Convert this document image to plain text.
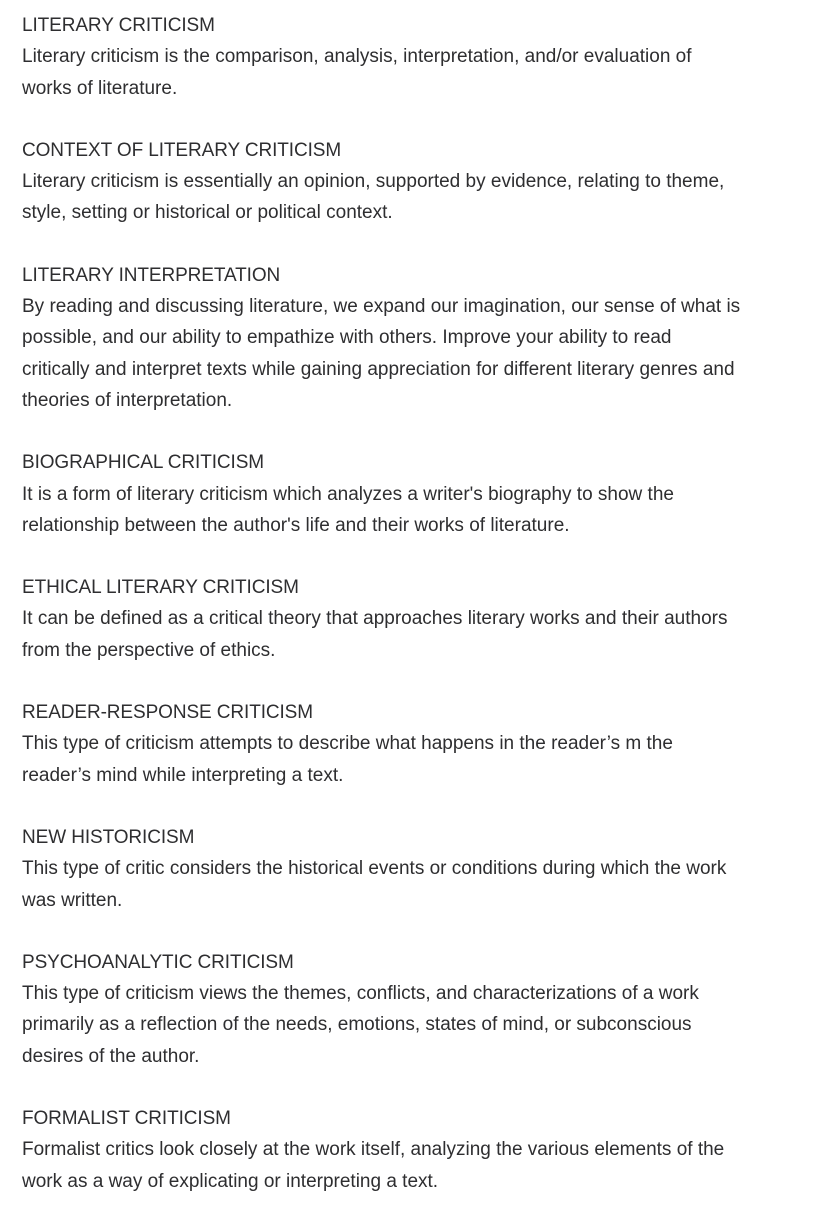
LITERARY CRITICISM

Literary criticism is the comparison, analysis, interpretation, and/or evaluation of
works of literature.

CONTEXT OF LITERARY CRITICISM

Literary criticism is essentially an opinion, supported by evidence, relating to theme,
style, setting or historical or political context.

LITERARY INTERPRETATION

By reading and discussing literature, we expand our imagination, our sense of what is
possible, and our ability to empathize with others. Improve your ability to read
critically and interpret texts while gaining appreciation for different literary genres and
theories of interpretation.

BIOGRAPHICAL CRITICISM

It is a form of literary criticism which analyzes a writer's biography to show the
relationship between the author's life and their works of literature.

ETHICAL LITERARY CRITICISM

It can be defined as a critical theory that approaches literary works and their authors
from the perspective of ethics.

READER-RESPONSE CRITICISM

This type of criticism attempts to describe what happens in the reader’s m the
reader’s mind while interpreting a text.

NEW HISTORICISM

This type of critic considers the historical events or conditions during which the work
was written.

PSYCHOANALYTIC CRITICISM

This type of criticism views the themes, conflicts, and characterizations of a work
primarily as a reflection of the needs, emotions, states of mind, or subconscious
desires of the author.

FORMALIST CRITICISM

Formalist critics look closely at the work itself, analyzing the various elements of the
work as a way of explicating or interpreting a text.
